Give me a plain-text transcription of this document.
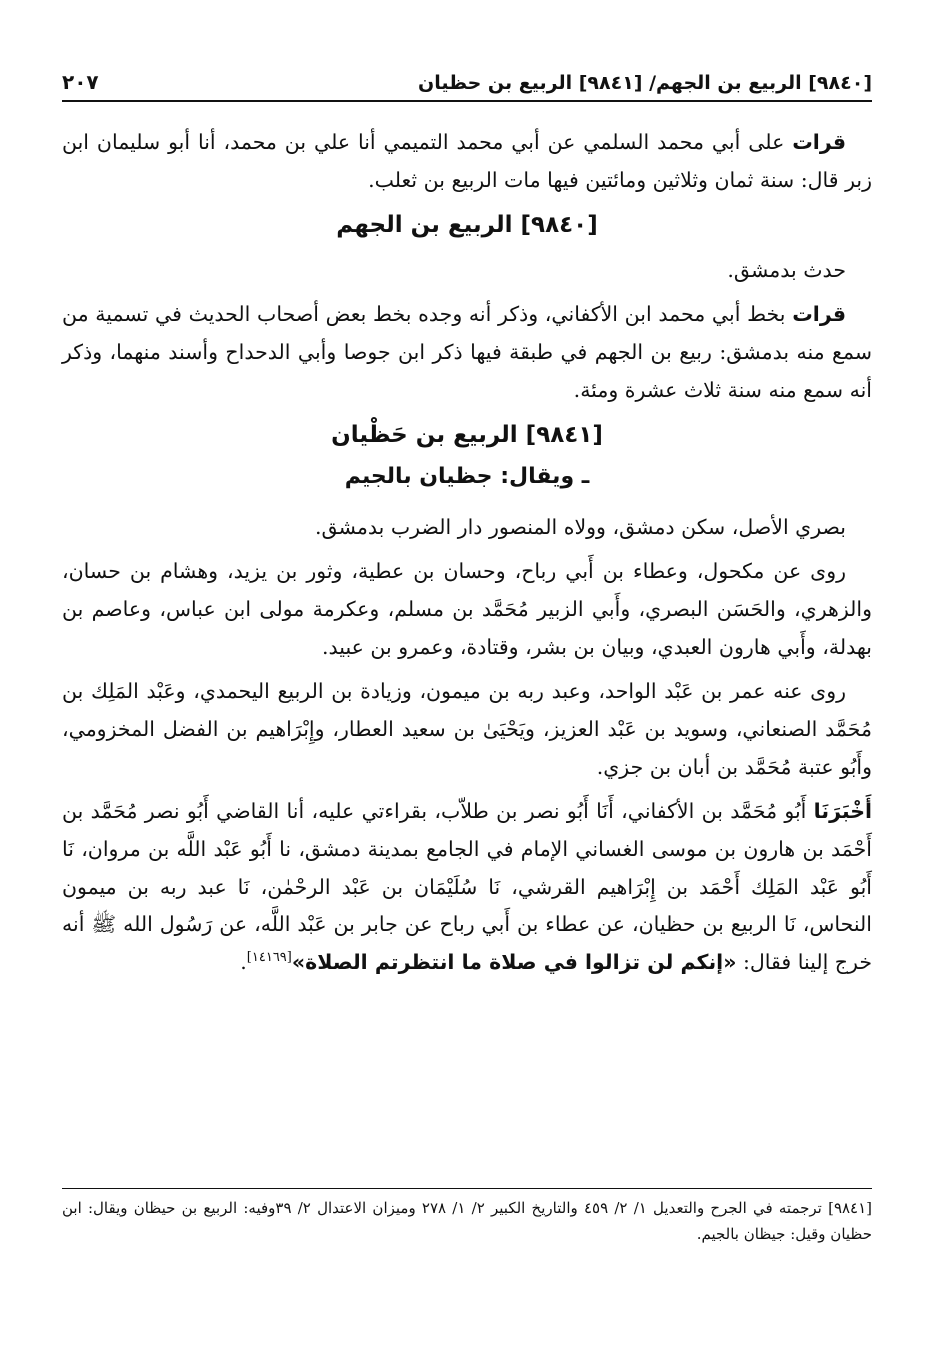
[٩٨٤٠] الربيع بن الجهم/ [٩٨٤١] الربيع بن حظيان
٢٠٧

قرات على أبي محمد السلمي عن أبي محمد التميمي أنا علي بن محمد، أنا أبو سليمان ابن زبر قال: سنة ثمان وثلاثين ومائتين فيها مات الربيع بن ثعلب.

[٩٨٤٠] الربيع بن الجهم

حدث بدمشق.

قرات بخط أبي محمد ابن الأكفاني، وذكر أنه وجده بخط بعض أصحاب الحديث في تسمية من سمع منه بدمشق: ربيع بن الجهم في طبقة فيها ذكر ابن جوصا وأبي الدحداح وأسند منهما، وذكر أنه سمع منه سنة ثلاث عشرة ومئة.

[٩٨٤١] الربيع بن حَظْيان
ـ ويقال: جظيان بالجيم

بصري الأصل، سكن دمشق، وولاه المنصور دار الضرب بدمشق.

روى عن مكحول، وعطاء بن أَبي رباح، وحسان بن عطية، وثور بن يزيد، وهشام بن حسان، والزهري، والحَسَن البصري، وأَبي الزبير مُحَمَّد بن مسلم، وعكرمة مولى ابن عباس، وعاصم بن بهدلة، وأَبي هارون العبدي، وبيان بن بشر، وقتادة، وعمرو بن عبيد.

روى عنه عمر بن عَبْد الواحد، وعبد ربه بن ميمون، وزيادة بن الربيع اليحمدي، وعَبْد المَلِك بن مُحَمَّد الصنعاني، وسويد بن عَبْد العزيز، ويَحْيَىٰ بن سعيد العطار، وإِبْرَاهيم بن الفضل المخزومي، وأَبُو عتبة مُحَمَّد بن أبان بن جزي.

أَخْبَرَنَا أَبُو مُحَمَّد بن الأكفاني، أَنَا أَبُو نصر بن طلاّب، بقراءتي عليه، أنا القاضي أَبُو نصر مُحَمَّد بن أَحْمَد بن هارون بن موسى الغساني الإمام في الجامع بمدينة دمشق، نا أَبُو عَبْد اللَّه بن مروان، نَا أَبُو عَبْد المَلِك أَحْمَد بن إِبْرَاهيم القرشي، نَا سُلَيْمَان بن عَبْد الرحْمٰن، نَا عبد ربه بن ميمون النحاس، نَا الربيع بن حظيان، عن عطاء بن أَبي رباح عن جابر بن عَبْد اللَّه، عن رَسُول الله ﷺ أنه خرج إلينا فقال: «إنكم لن تزالوا في صلاة ما انتظرتم الصلاة»[١٤١٦٩].

[٩٨٤١] ترجمته في الجرح والتعديل ١/ ٢/ ٤٥٩ والتاريخ الكبير ٢/ ١/ ٢٧٨ وميزان الاعتدال ٢/ ٣٩وفيه: الربيع بن حيظان ويقال: ابن حظيان وقيل: جيظان بالجيم.
